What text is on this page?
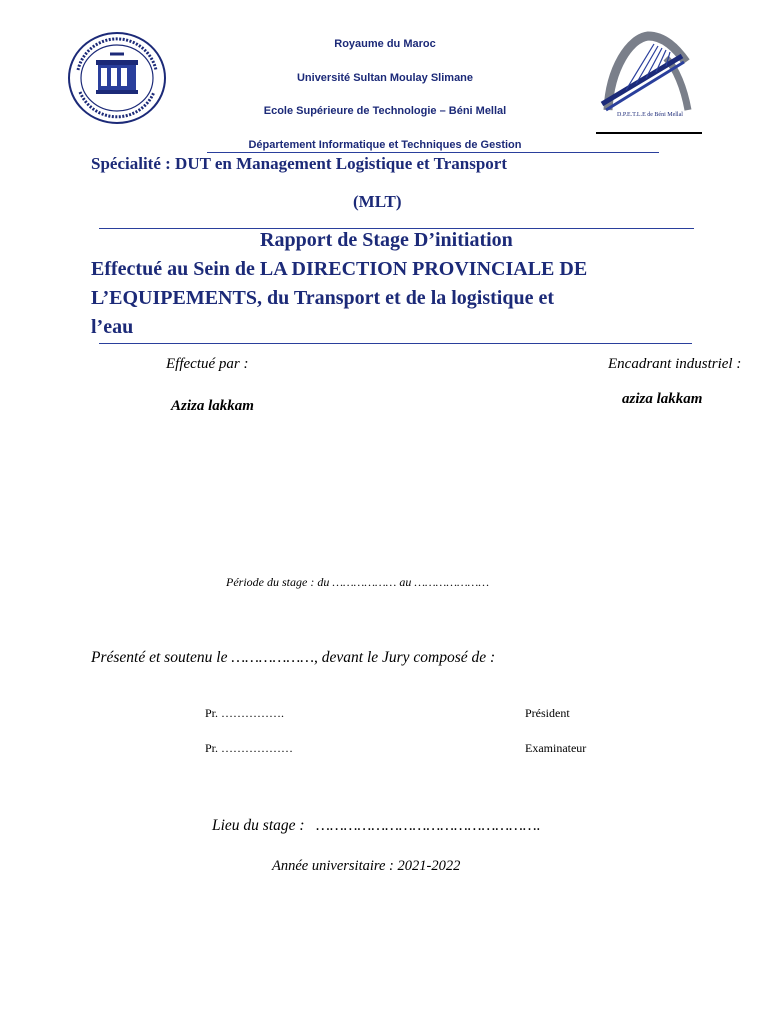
Royaume du Maroc
Université Sultan Moulay Slimane
Ecole Supérieure de Technologie – Béni Mellal
Département Informatique et Techniques de Gestion
D.P.E.T.L.E de Béni Mellal
Spécialité : DUT en Management Logistique et Transport
(MLT)
Rapport de Stage D’initiation
Effectué au Sein de LA DIRECTION PROVINCIALE DE
L’EQUIPEMENTS, du Transport et de la logistique et
l’eau
Effectué par :
Aziza lakkam
Encadrant industriel :
aziza lakkam
Période du stage : du ……………… au …………………
Présenté et soutenu le ………………, devant le Jury composé de :
Pr. …………….	Président
Pr. ………………	Examinateur
Lieu du stage :   ………………………………………….
Année universitaire : 2021-2022
